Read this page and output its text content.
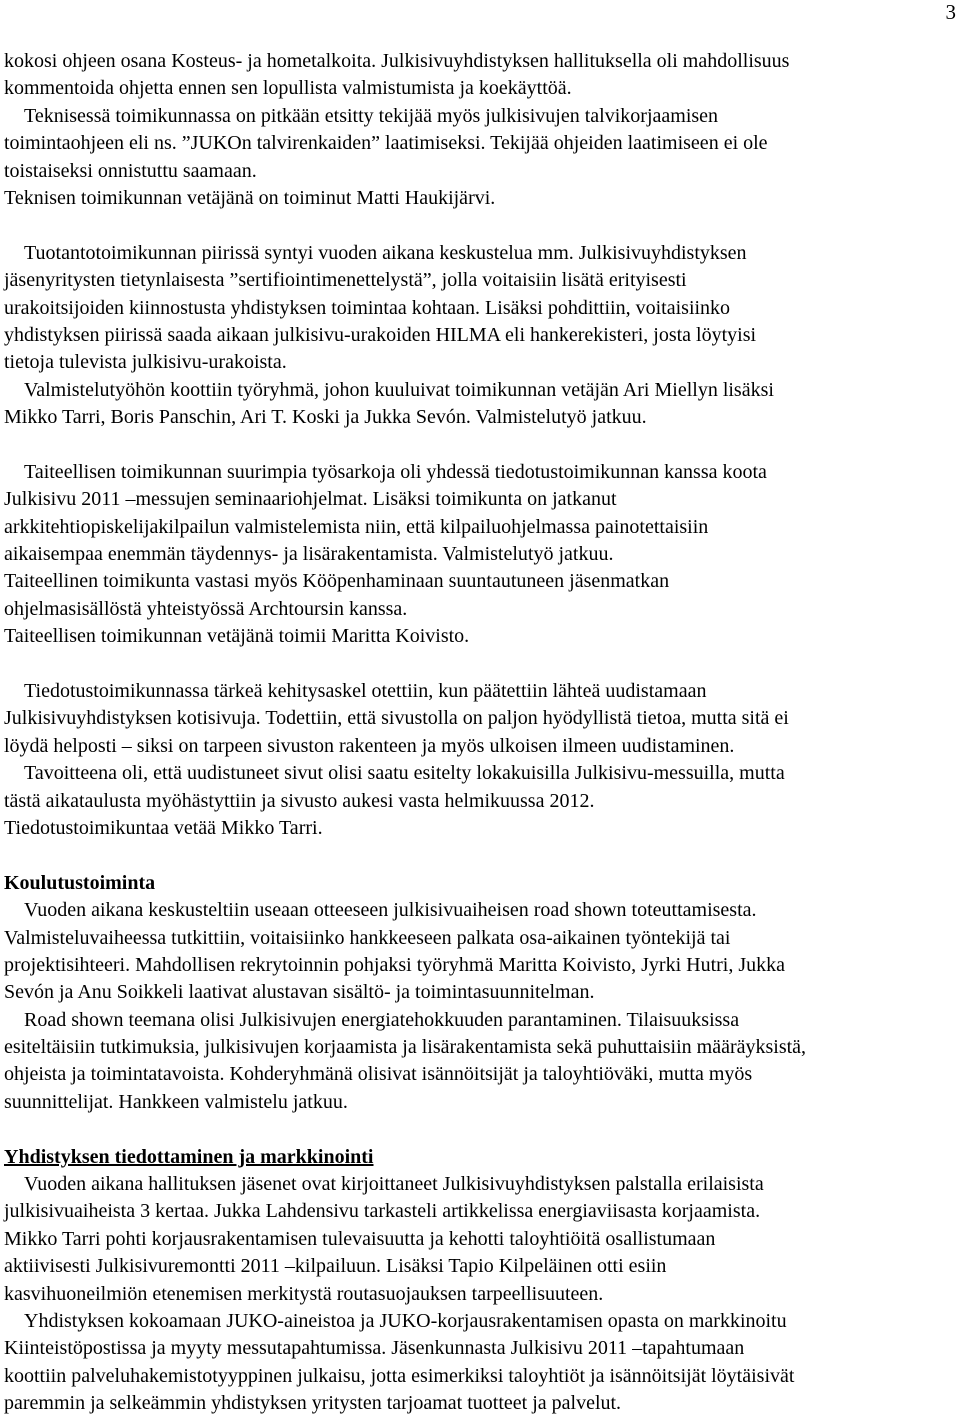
3
kokosi ohjeen osana Kosteus- ja hometalkoita. Julkisivuyhdistyksen hallituksella oli mahdollisuus
kommentoida ohjetta ennen sen lopullista valmistumista ja koekäyttöä.
Teknisessä toimikunnassa on pitkään etsitty tekijää myös julkisivujen talvikorjaamisen
toimintaohjeen eli ns. ”JUKOn talvirenkaiden” laatimiseksi. Tekijää ohjeiden laatimiseen ei ole
toistaiseksi onnistuttu saamaan.
Teknisen toimikunnan vetäjänä on toiminut Matti Haukijärvi.
Tuotantotoimikunnan piirissä syntyi vuoden aikana keskustelua mm. Julkisivuyhdistyksen
jäsenyritysten tietynlaisesta ”sertifiointimenettelystä”, jolla voitaisiin lisätä erityisesti
urakoitsijoiden kiinnostusta yhdistyksen toimintaa kohtaan. Lisäksi pohdittiin, voitaisiinko
yhdistyksen piirissä saada aikaan julkisivu-urakoiden HILMA eli hankerekisteri, josta löytyisi
tietoja tulevista julkisivu-urakoista.
Valmistelutyöhön koottiin työryhmä, johon kuuluivat toimikunnan vetäjän Ari Miellyn lisäksi
Mikko Tarri, Boris Panschin, Ari T. Koski ja Jukka Sevón. Valmistelutyö jatkuu.
Taiteellisen toimikunnan suurimpia työsarkoja oli yhdessä tiedotustoimikunnan kanssa koota
Julkisivu 2011 –messujen seminaariohjelmat. Lisäksi toimikunta on jatkanut
arkkitehtiopiskelijakilpailun valmistelemista niin, että kilpailuohjelmassa painotettaisiin
aikaisempaa enemmän täydennys- ja lisärakentamista. Valmistelutyö jatkuu.
Taiteellinen toimikunta vastasi myös Kööpenhaminaan suuntautuneen jäsenmatkan
ohjelmasisällöstä yhteistyössä Archtoursin kanssa.
Taiteellisen toimikunnan vetäjänä toimii Maritta Koivisto.
Tiedotustoimikunnassa tärkeä kehitysaskel otettiin, kun päätettiin lähteä uudistamaan
Julkisivuyhdistyksen kotisivuja. Todettiin, että sivustolla on paljon hyödyllistä tietoa, mutta sitä ei
löydä helposti – siksi on tarpeen sivuston rakenteen ja myös ulkoisen ilmeen uudistaminen.
Tavoitteena oli, että uudistuneet sivut olisi saatu esitelty lokakuisilla Julkisivu-messuilla, mutta
tästä aikataulusta myöhästyttiin ja sivusto aukesi vasta helmikuussa 2012.
Tiedotustoimikuntaa vetää Mikko Tarri.
Koulutustoiminta
Vuoden aikana keskusteltiin useaan otteeseen julkisivuaiheisen road shown toteuttamisesta.
Valmisteluvaiheessa tutkittiin, voitaisiinko hankkeeseen palkata osa-aikainen työntekijä tai
projektisihteeri. Mahdollisen rekrytoinnin pohjaksi työryhmä Maritta Koivisto, Jyrki Hutri, Jukka
Sevón ja Anu Soikkeli laativat alustavan sisältö- ja toimintasuunnitelman.
Road shown teemana olisi Julkisivujen energiatehokkuuden parantaminen. Tilaisuuksissa
esiteltäisiin tutkimuksia, julkisivujen korjaamista ja lisärakentamista sekä puhuttaisiin määräyksistä,
ohjeista ja toimintatavoista. Kohderyhmänä olisivat isännöitsijät ja taloyhtiöväki, mutta myös
suunnittelijat. Hankkeen valmistelu jatkuu.
Yhdistyksen tiedottaminen ja markkinointi
Vuoden aikana hallituksen jäsenet ovat kirjoittaneet Julkisivuyhdistyksen palstalla erilaisista
julkisivuaiheista 3 kertaa. Jukka Lahdensivu tarkasteli artikkelissa energiaviisasta korjaamista.
Mikko Tarri pohti korjausrakentamisen tulevaisuutta ja kehotti taloyhtiöitä osallistumaan
aktiivisesti Julkisivuremontti 2011 –kilpailuun. Lisäksi Tapio Kilpeläinen otti esiin
kasvihuoneilmiön etenemisen merkitystä routasuojauksen tarpeellisuuteen.
Yhdistyksen kokoamaan JUKO-aineistoa ja JUKO-korjausrakentamisen opasta on markkinoitu
Kiinteistöpostissa ja myyty messutapahtumissa. Jäsenkunnasta Julkisivu 2011 –tapahtumaan
koottiin palveluhakemistotyyppinen julkaisu, jotta esimerkiksi taloyhtiöt ja isännöitsijät löytäisivät
paremmin ja selkeämmin yhdistyksen yritysten tarjoamat tuotteet ja palvelut.
